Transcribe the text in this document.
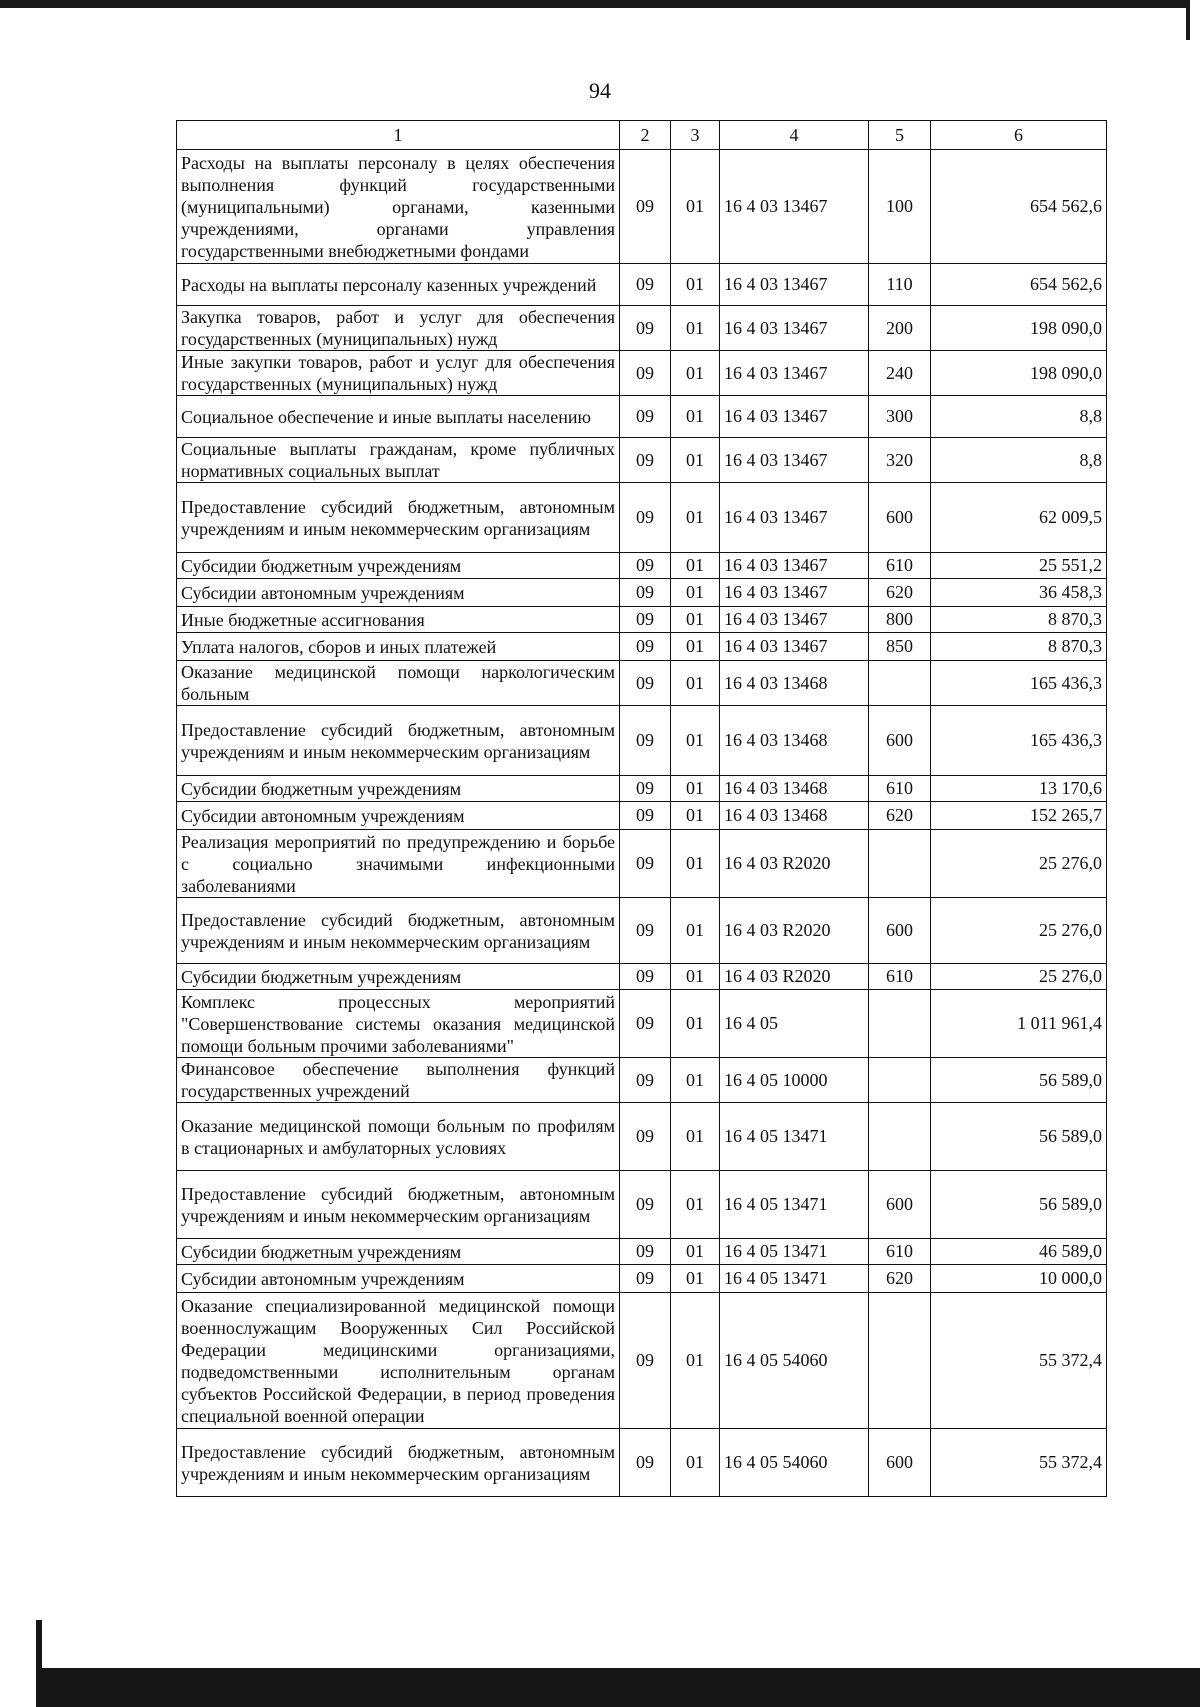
94
1	2	3	4	5	6
Расходы на выплаты персоналу в целях обеспечения выполнения функций государственными (муниципальными) органами, казенными учреждениями, органами управления государственными внебюджетными фондами	09	01	16 4 03 13467	100	654 562,6
Расходы на выплаты персоналу казенных учреждений	09	01	16 4 03 13467	110	654 562,6
Закупка товаров, работ и услуг для обеспечения государственных (муниципальных) нужд	09	01	16 4 03 13467	200	198 090,0
Иные закупки товаров, работ и услуг для обеспечения государственных (муниципальных) нужд	09	01	16 4 03 13467	240	198 090,0
Социальное обеспечение и иные выплаты населению	09	01	16 4 03 13467	300	8,8
Социальные выплаты гражданам, кроме публичных нормативных социальных выплат	09	01	16 4 03 13467	320	8,8
Предоставление субсидий бюджетным, автономным учреждениям и иным некоммерческим организациям	09	01	16 4 03 13467	600	62 009,5
Субсидии бюджетным учреждениям	09	01	16 4 03 13467	610	25 551,2
Субсидии автономным учреждениям	09	01	16 4 03 13467	620	36 458,3
Иные бюджетные ассигнования	09	01	16 4 03 13467	800	8 870,3
Уплата налогов, сборов и иных платежей	09	01	16 4 03 13467	850	8 870,3
Оказание медицинской помощи наркологическим больным	09	01	16 4 03 13468		165 436,3
Предоставление субсидий бюджетным, автономным учреждениям и иным некоммерческим организациям	09	01	16 4 03 13468	600	165 436,3
Субсидии бюджетным учреждениям	09	01	16 4 03 13468	610	13 170,6
Субсидии автономным учреждениям	09	01	16 4 03 13468	620	152 265,7
Реализация мероприятий по предупреждению и борьбе с социально значимыми инфекционными заболеваниями	09	01	16 4 03 R2020		25 276,0
Предоставление субсидий бюджетным, автономным учреждениям и иным некоммерческим организациям	09	01	16 4 03 R2020	600	25 276,0
Субсидии бюджетным учреждениям	09	01	16 4 03 R2020	610	25 276,0
Комплекс процессных мероприятий "Совершенствование системы оказания медицинской помощи больным прочими заболеваниями"	09	01	16 4 05		1 011 961,4
Финансовое обеспечение выполнения функций государственных учреждений	09	01	16 4 05 10000		56 589,0
Оказание медицинской помощи больным по профилям в стационарных и амбулаторных условиях	09	01	16 4 05 13471		56 589,0
Предоставление субсидий бюджетным, автономным учреждениям и иным некоммерческим организациям	09	01	16 4 05 13471	600	56 589,0
Субсидии бюджетным учреждениям	09	01	16 4 05 13471	610	46 589,0
Субсидии автономным учреждениям	09	01	16 4 05 13471	620	10 000,0
Оказание специализированной медицинской помощи военнослужащим Вооруженных Сил Российской Федерации медицинскими организациями, подведомственными исполнительным органам субъектов Российской Федерации, в период проведения специальной военной операции	09	01	16 4 05 54060		55 372,4
Предоставление субсидий бюджетным, автономным учреждениям и иным некоммерческим организациям	09	01	16 4 05 54060	600	55 372,4
